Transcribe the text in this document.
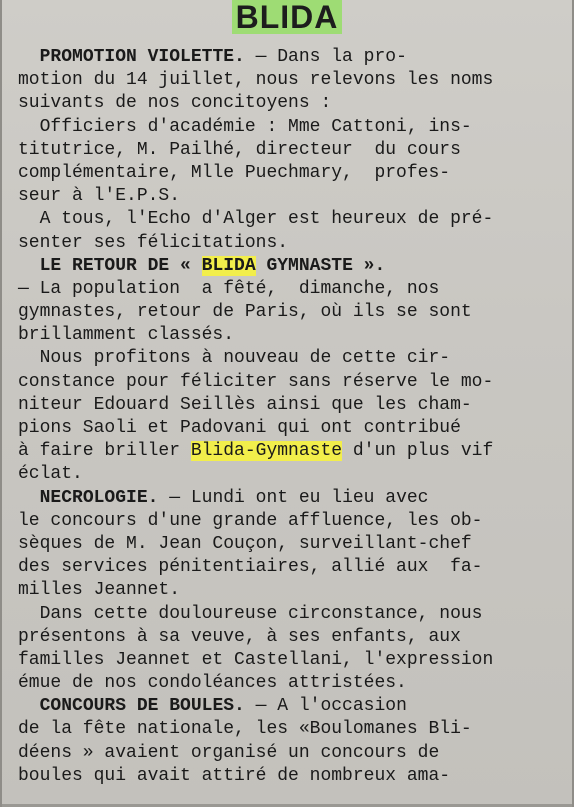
BLIDA
PROMOTION VIOLETTE. — Dans la pro-
motion du 14 juillet, nous relevons les noms
suivants de nos concitoyens :
Officiers d'académie : Mme Cattoni, ins-
titutrice, M. Pailhé, directeur  du cours
complémentaire, Mlle Puechmary,  profes-
seur à l'E.P.S.
A tous, l'Echo d'Alger est heureux de pré-
senter ses félicitations.
LE RETOUR DE « BLIDA GYMNASTE ».
— La population  a fêté,  dimanche, nos
gymnastes, retour de Paris, où ils se sont
brillamment classés.
Nous profitons à nouveau de cette cir-
constance pour féliciter sans réserve le mo-
niteur Edouard Seillès ainsi que les cham-
pions Saoli et Padovani qui ont contribué
à faire briller Blida-Gymnaste d'un plus vif
éclat.
NECROLOGIE. — Lundi ont eu lieu avec
le concours d'une grande affluence, les ob-
sèques de M. Jean Couçon, surveillant-chef
des services pénitentiaires, allié aux  fa-
milles Jeannet.
Dans cette douloureuse circonstance, nous
présentons à sa veuve, à ses enfants, aux
familles Jeannet et Castellani, l'expression
émue de nos condoléances attristées.
CONCOURS DE BOULES. — A l'occasion
de la fête nationale, les «Boulomanes Bli-
déens » avaient organisé un concours de
boules qui avait attiré de nombreux ama-
